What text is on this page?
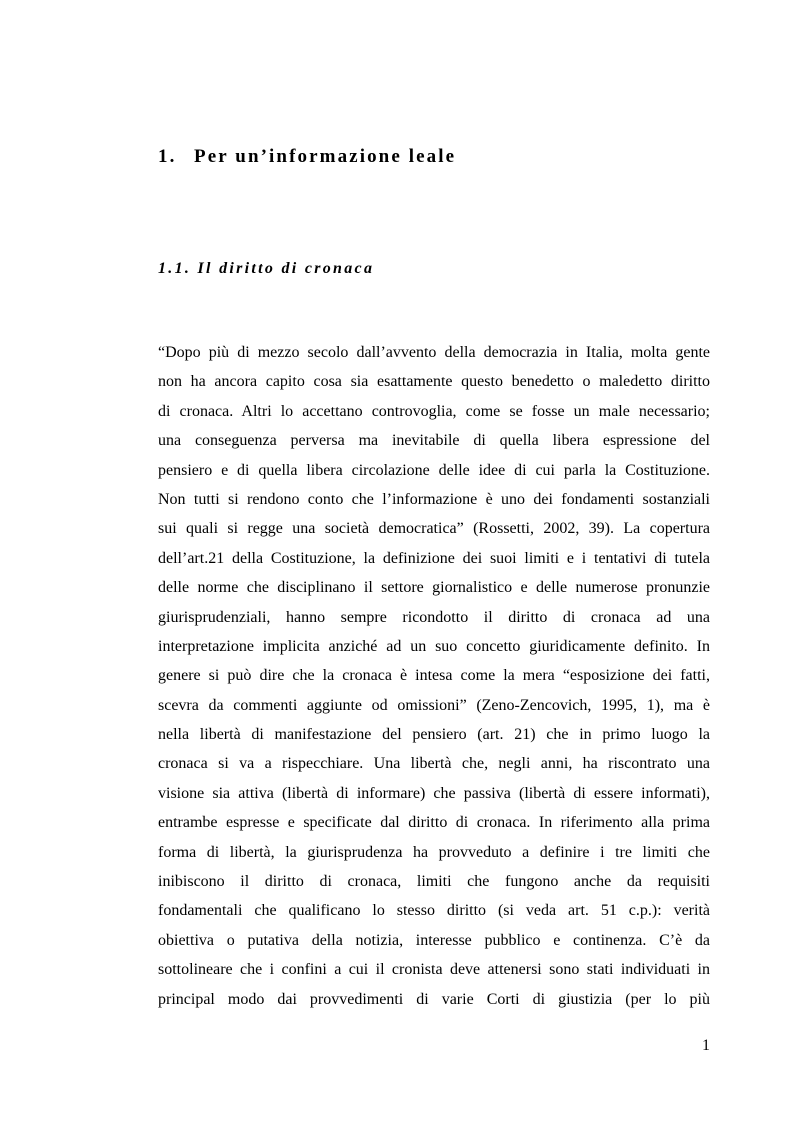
1. Per un’informazione leale
1.1. Il diritto di cronaca
“Dopo più di mezzo secolo dall’avvento della democrazia in Italia, molta gente
non ha ancora capito cosa sia esattamente questo benedetto o maledetto diritto
di cronaca. Altri lo accettano controvoglia, come se fosse un male necessario;
una conseguenza perversa ma inevitabile di quella libera espressione del
pensiero e di quella libera circolazione delle idee di cui parla la Costituzione.
Non tutti si rendono conto che l’informazione è uno dei fondamenti sostanziali
sui quali si regge una società democratica” (Rossetti, 2002, 39). La copertura
dell’art.21 della Costituzione, la definizione dei suoi limiti e i tentativi di tutela
delle norme che disciplinano il settore giornalistico e delle numerose pronunzie
giurisprudenziali, hanno sempre ricondotto il diritto di cronaca ad una
interpretazione implicita anziché ad un suo concetto giuridicamente definito. In
genere si può dire che la cronaca è intesa come la mera “esposizione dei fatti,
scevra da commenti aggiunte od omissioni” (Zeno-Zencovich, 1995, 1), ma è
nella libertà di manifestazione del pensiero (art. 21) che in primo luogo la
cronaca si va a rispecchiare. Una libertà che, negli anni, ha riscontrato una
visione sia attiva (libertà di informare) che passiva (libertà di essere informati),
entrambe espresse e specificate dal diritto di cronaca. In riferimento alla prima
forma di libertà, la giurisprudenza ha provveduto a definire i tre limiti che
inibiscono il diritto di cronaca, limiti che fungono anche da requisiti
fondamentali che qualificano lo stesso diritto (si veda art. 51 c.p.): verità
obiettiva o putativa della notizia, interesse pubblico e continenza. C’è da
sottolineare che i confini a cui il cronista deve attenersi sono stati individuati in
principal modo dai provvedimenti di varie Corti di giustizia (per lo più
1
